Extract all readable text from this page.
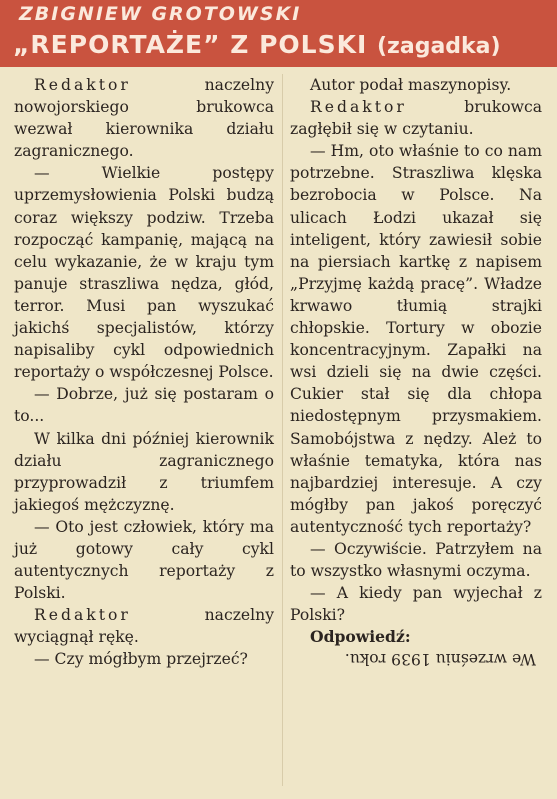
ZBIGNIEW GROTOWSKI
„REPORTAŻE” Z POLSKI (zagadka)

Redaktor	naczelny nowojorskiego brukowca wezwał kierownika działu zagranicznego.

— Wielkie postępy uprzemysłowienia Polski budzą coraz większy podziw. Trzeba rozpocząć kampanię, mającą na celu wykazanie, że w kraju tym panuje straszliwa nędza, głód, terror. Musi pan wyszukać jakichś specjalistów, którzy napisaliby cykl odpowiednich reportaży o współczesnej Polsce.

— Dobrze, już się postaram o to...

W kilka dni później kierownik działu zagranicznego przyprowadził z triumfem jakiegoś mężczyznę.

— Oto jest człowiek, który ma już gotowy cały cykl autentycznych reportaży z Polski.

Redaktor	naczelny wyciągnął rękę.

— Czy mógłbym przejrzeć?

Autor podał maszynopisy.

Redaktor	brukowca zagłębił się w czytaniu.

— Hm, oto właśnie to co nam potrzebne. Straszliwa klęska bezrobocia w Polsce. Na ulicach Łodzi ukazał się inteligent, który zawiesił sobie na piersiach kartkę z napisem „Przyjmę każdą pracę”. Władze krwawo tłumią strajki chłopskie. Tortury w obozie koncentracyjnym. Zapałki na wsi dzieli się na dwie części. Cukier stał się dla chłopa niedostępnym przysmakiem. Samobójstwa z nędzy. Ależ to właśnie tematyka, która nas najbardziej interesuje. A czy mógłby pan jakoś poręczyć autentyczność tych reportaży?

— Oczywiście. Patrzyłem na to wszystko własnymi oczyma.

— A kiedy pan wyjechał z Polski?

Odpowiedź:

We wrześniu 1939 roku.
